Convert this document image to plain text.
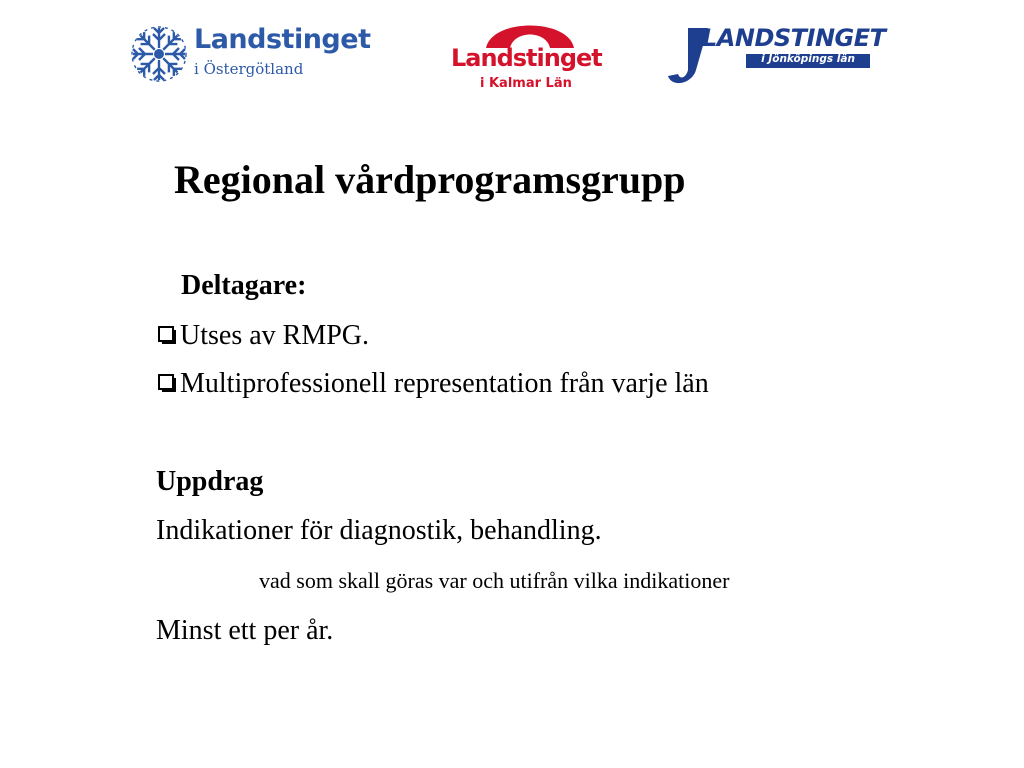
Landstinget
i Östergötland	Landstinget
i Kalmar Län
LANDSTINGET
i Jönköpings län
Regional vårdprogramsgrupp
Deltagare:
Utses av RMPG.
Multiprofessionell representation från varje län
Uppdrag
Indikationer för diagnostik, behandling.
vad som skall göras var och utifrån vilka indikationer
Minst ett per år.
